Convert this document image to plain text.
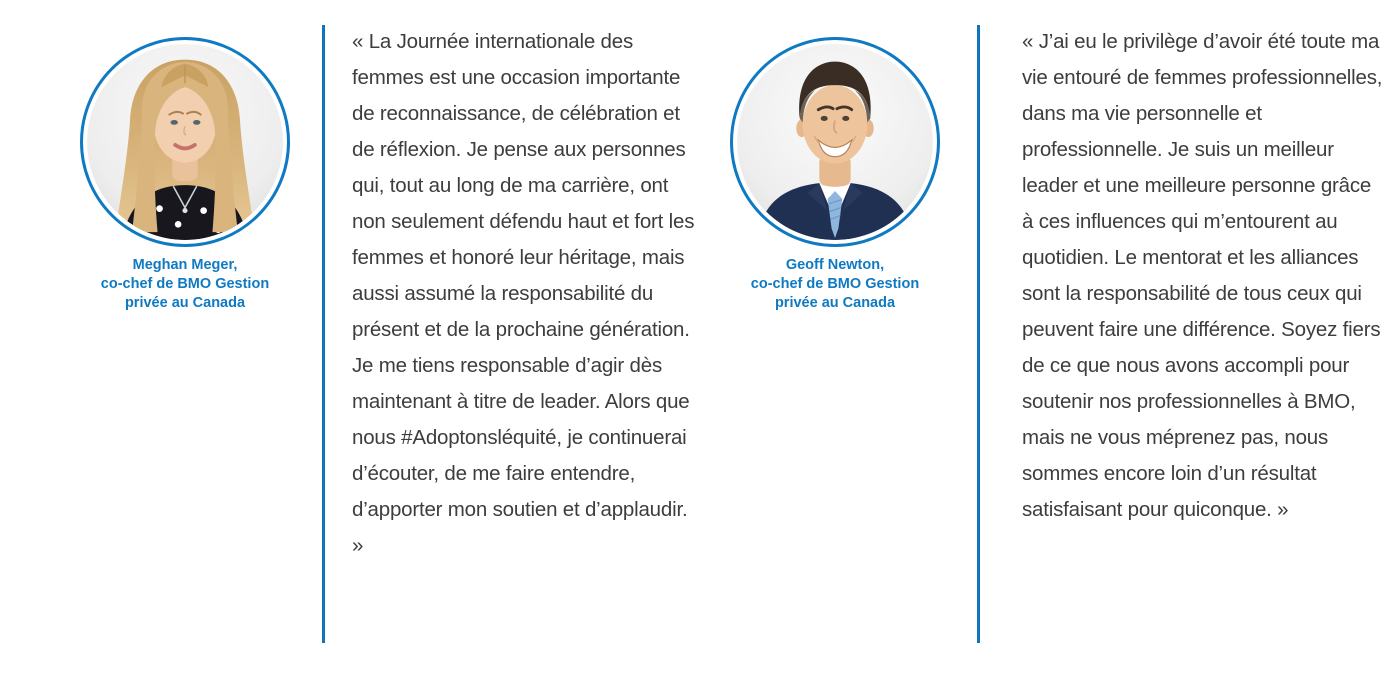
Meghan Meger,
co-chef de BMO Gestion
privée au Canada

« La Journée internationale des femmes est une occasion importante de reconnaissance, de célébration et de réflexion. Je pense aux personnes qui, tout au long de ma carrière, ont non seulement défendu haut et fort les femmes et honoré leur héritage, mais aussi assumé la responsabilité du présent et de la prochaine génération. Je me tiens responsable d’agir dès maintenant à titre de leader. Alors que nous #Adoptonsléquité, je continuerai d’écouter, de me faire entendre, d’apporter mon soutien et d’applaudir. »

Geoff Newton,
co-chef de BMO Gestion
privée au Canada

« J’ai eu le privilège d’avoir été toute ma vie entouré de femmes professionnelles, dans ma vie personnelle et professionnelle. Je suis un meilleur leader et une meilleure personne grâce à ces influences qui m’entourent au quotidien. Le mentorat et les alliances sont la responsabilité de tous ceux qui peuvent faire une différence. Soyez fiers de ce que nous avons accompli pour soutenir nos professionnelles à BMO, mais ne vous méprenez pas, nous sommes encore loin d’un résultat satisfaisant pour quiconque. »
